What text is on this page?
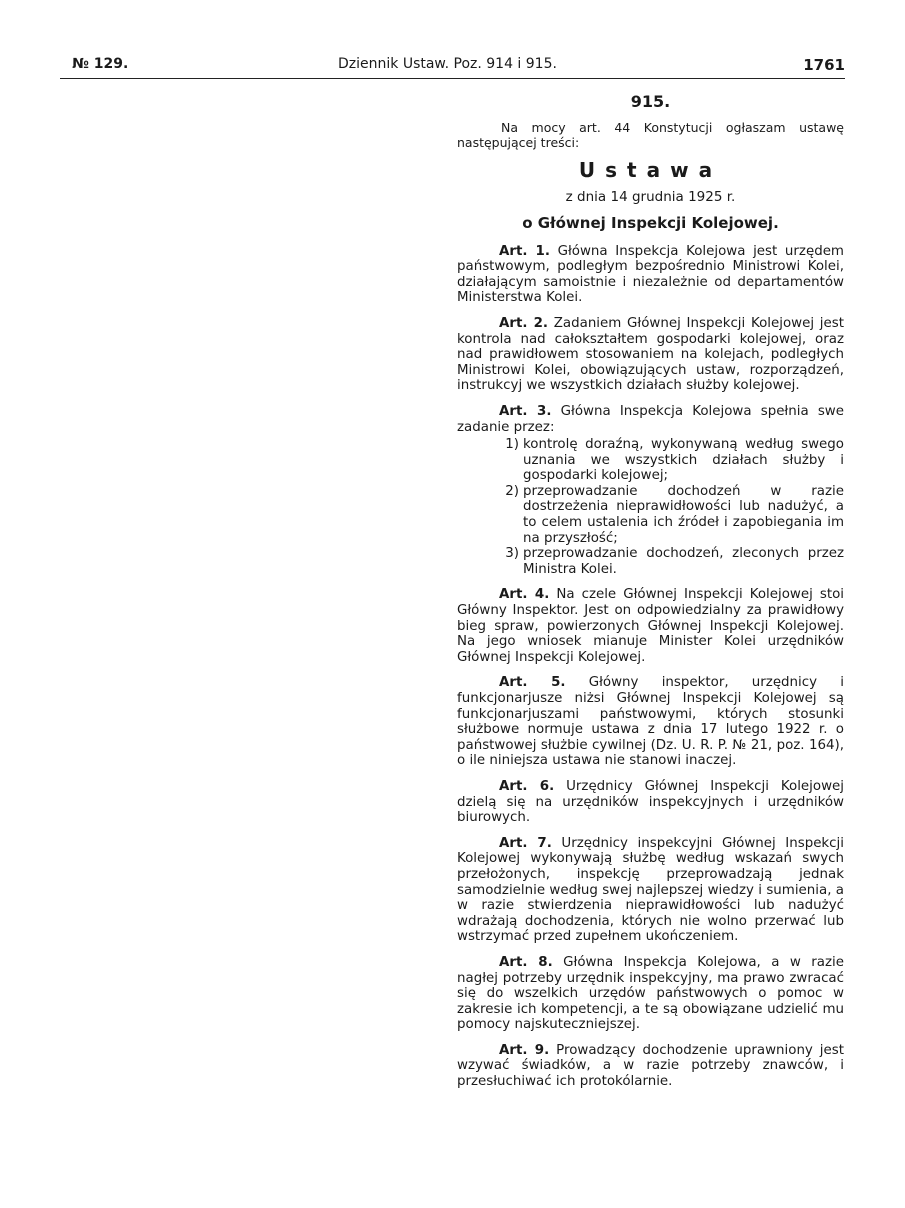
№ 129.	Dziennik Ustaw. Poz. 914 i 915.	1761
915.

Na mocy art. 44 Konstytucji ogłaszam ustawę następującej treści:

Ustawa
z dnia 14 grudnia 1925 r.
o Głównej Inspekcji Kolejowej.

Art. 1. Główna Inspekcja Kolejowa jest urzędem państwowym, podległym bezpośrednio Ministrowi Kolei, działającym samoistnie i niezależnie od departamentów Ministerstwa Kolei.

Art. 2. Zadaniem Głównej Inspekcji Kolejowej jest kontrola nad całokształtem gospodarki kolejowej, oraz nad prawidłowem stosowaniem na kolejach, podległych Ministrowi Kolei, obowiązujących ustaw, rozporządzeń, instrukcyj we wszystkich działach służby kolejowej.

Art. 3. Główna Inspekcja Kolejowa spełnia swe zadanie przez:

1) kontrolę doraźną, wykonywaną według swego uznania we wszystkich działach służby i gospodarki kolejowej;
2) przeprowadzanie dochodzeń w razie dostrzeżenia nieprawidłowości lub nadużyć, a to celem ustalenia ich źródeł i zapobiegania im na przyszłość;
3) przeprowadzanie dochodzeń, zleconych przez Ministra Kolei.

Art. 4. Na czele Głównej Inspekcji Kolejowej stoi Główny Inspektor. Jest on odpowiedzialny za prawidłowy bieg spraw, powierzonych Głównej Inspekcji Kolejowej. Na jego wniosek mianuje Minister Kolei urzędników Głównej Inspekcji Kolejowej.

Art. 5. Główny inspektor, urzędnicy i funkcjonarjusze niżsi Głównej Inspekcji Kolejowej są funkcjonarjuszami państwowymi, których stosunki służbowe normuje ustawa z dnia 17 lutego 1922 r. o państwowej służbie cywilnej (Dz. U. R. P. № 21, poz. 164), o ile niniejsza ustawa nie stanowi inaczej.

Art. 6. Urzędnicy Głównej Inspekcji Kolejowej dzielą się na urzędników inspekcyjnych i urzędników biurowych.

Art. 7. Urzędnicy inspekcyjni Głównej Inspekcji Kolejowej wykonywają służbę według wskazań swych przełożonych, inspekcję przeprowadzają jednak samodzielnie według swej najlepszej wiedzy i sumienia, a w razie stwierdzenia nieprawidłowości lub nadużyć wdrażają dochodzenia, których nie wolno przerwać lub wstrzymać przed zupełnem ukończeniem.

Art. 8. Główna Inspekcja Kolejowa, a w razie nagłej potrzeby urzędnik inspekcyjny, ma prawo zwracać się do wszelkich urzędów państwowych o pomoc w zakresie ich kompetencji, a te są obowiązane udzielić mu pomocy najskuteczniejszej.

Art. 9. Prowadzący dochodzenie uprawniony jest wzywać świadków, a w razie potrzeby znawców, i przesłuchiwać ich protokólarnie.
